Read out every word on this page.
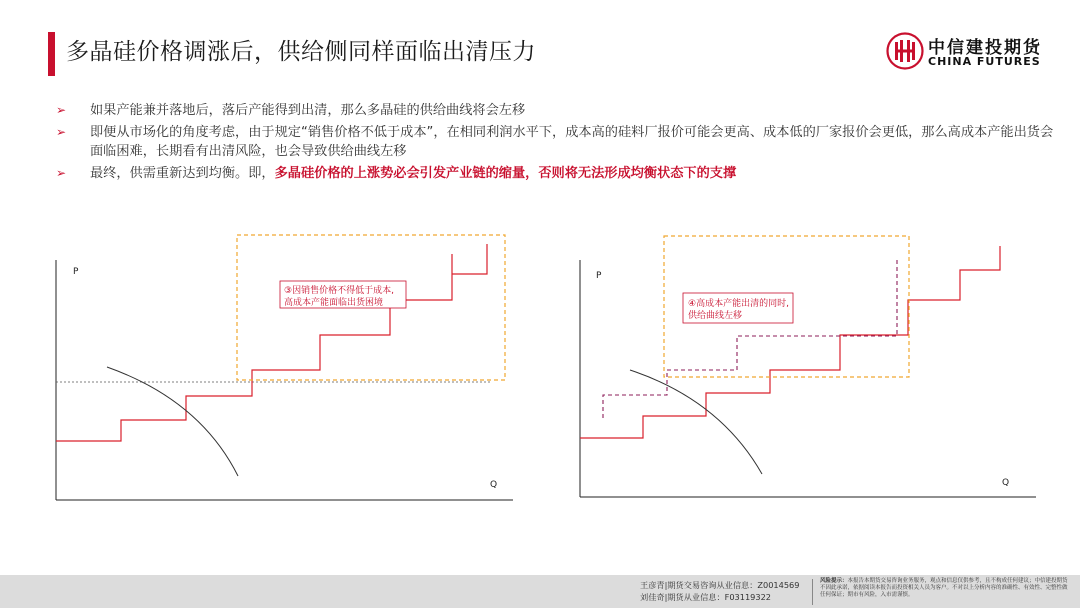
多晶硅价格调涨后，供给侧同样面临出清压力	中信建投期货
CHINA FUTURES
➢ 如果产能兼并落地后，落后产能得到出清，那么多晶硅的供给曲线将会左移
➢ 即便从市场化的角度考虑，由于规定“销售价格不低于成本”，在相同利润水平下，成本高的硅料厂报价可能会更高、成本低的厂家报价会更低，那么高成本产能出货会面临困难，长期看有出清风险，也会导致供给曲线左移
➢ 最终，供需重新达到均衡。即，多晶硅价格的上涨势必会引发产业链的缩量，否则将无法形成均衡状态下的支撑
P
Q
P
Q
③因销售价格不得低于成本,
高成本产能面临出货困境	④高成本产能出清的同时,
供给曲线左移
王彦青|期货交易咨询从业信息：Z0014569
刘佳奇|期货从业信息：F03119322
风险提示：本报告本期货交易咨询业务服务，观点和信息仅供参考，且不构成任何建议；中信建投期货不因此承诺，依据阅读本报告而投资相关人员为客户。不对以上分析内容的准确性、有效性、完整性做任何保证；期市有风险，入市需谨慎。
